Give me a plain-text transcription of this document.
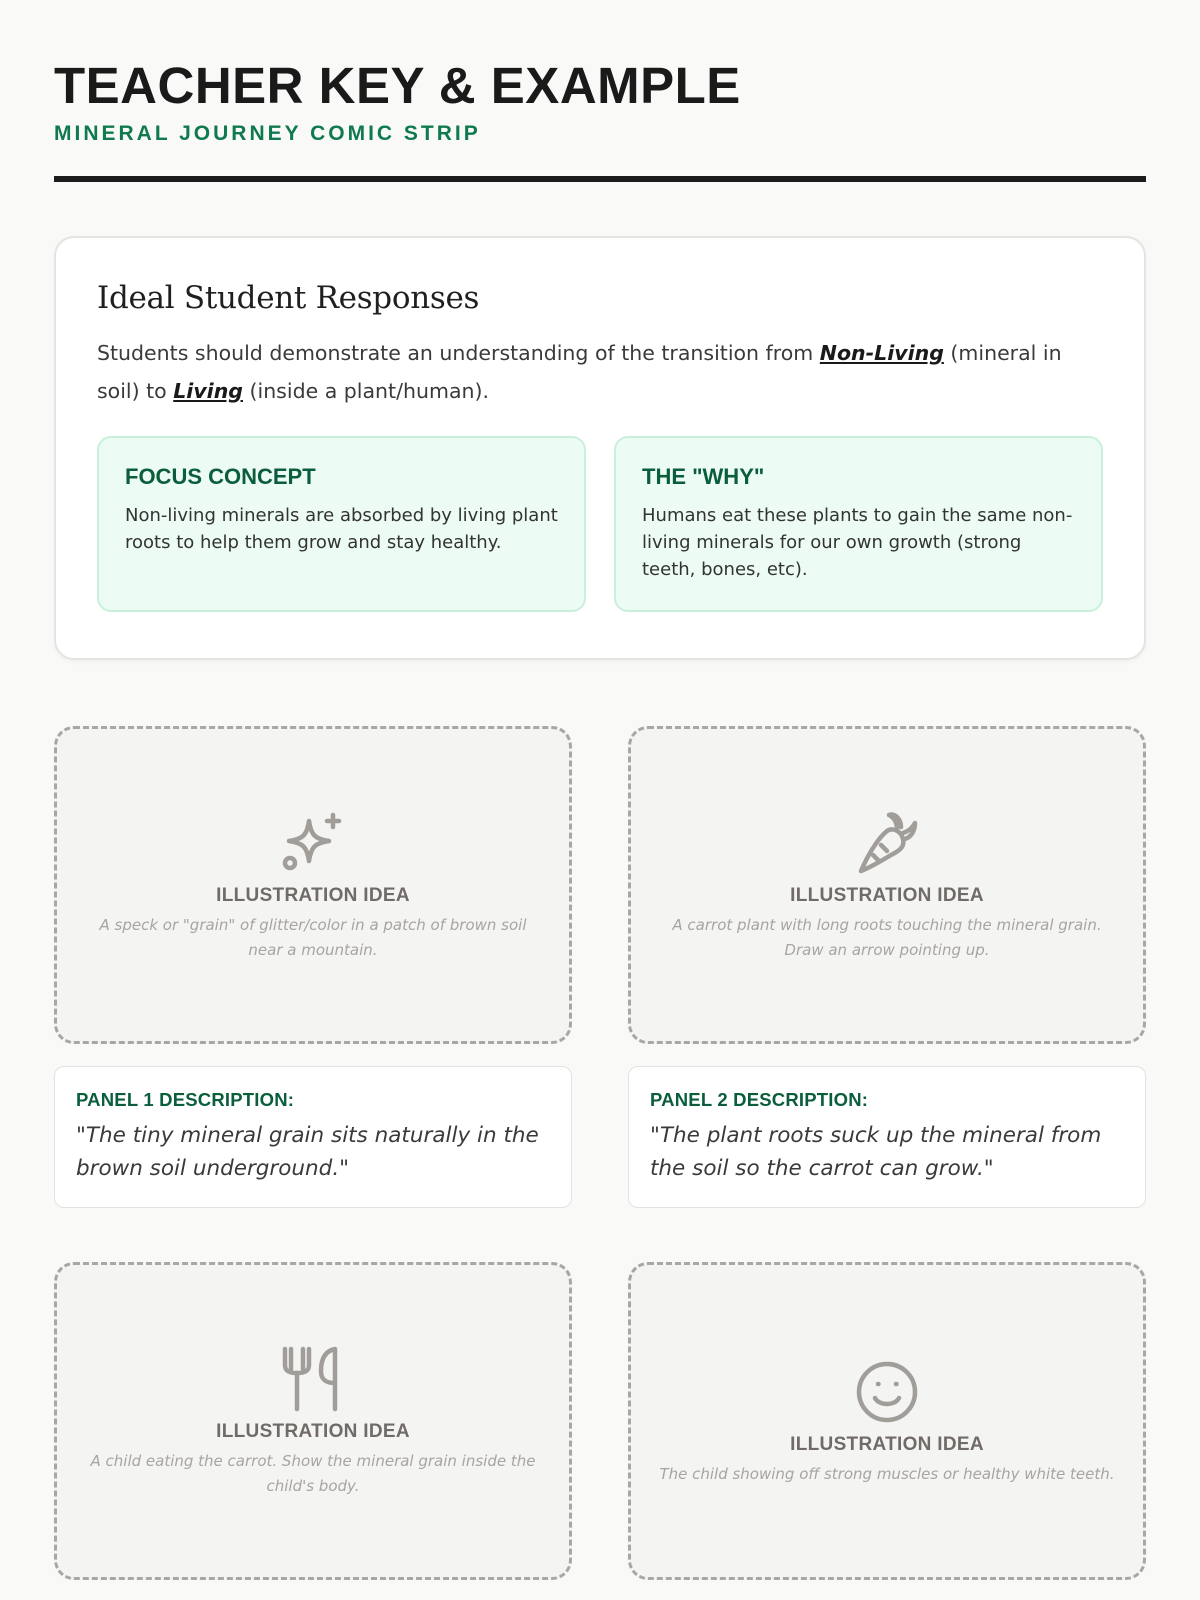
TEACHER KEY & EXAMPLE
MINERAL JOURNEY COMIC STRIP
Ideal Student Responses

Students should demonstrate an understanding of the transition from Non-Living (mineral in soil) to Living (inside a plant/human).

FOCUS CONCEPT
Non-living minerals are absorbed by living plant roots to help them grow and stay healthy.
THE "WHY"
Humans eat these plants to gain the same non-living minerals for our own growth (strong teeth, bones, etc).
ILLUSTRATION IDEA
A speck or "grain" of glitter/color in a patch of brown soil near a mountain.
PANEL 1 DESCRIPTION:
"The tiny mineral grain sits naturally in the brown soil underground."
ILLUSTRATION IDEA
A carrot plant with long roots touching the mineral grain. Draw an arrow pointing up.
PANEL 2 DESCRIPTION:
"The plant roots suck up the mineral from the soil so the carrot can grow."
ILLUSTRATION IDEA
A child eating the carrot. Show the mineral grain inside the child's body.
ILLUSTRATION IDEA
The child showing off strong muscles or healthy white teeth.
